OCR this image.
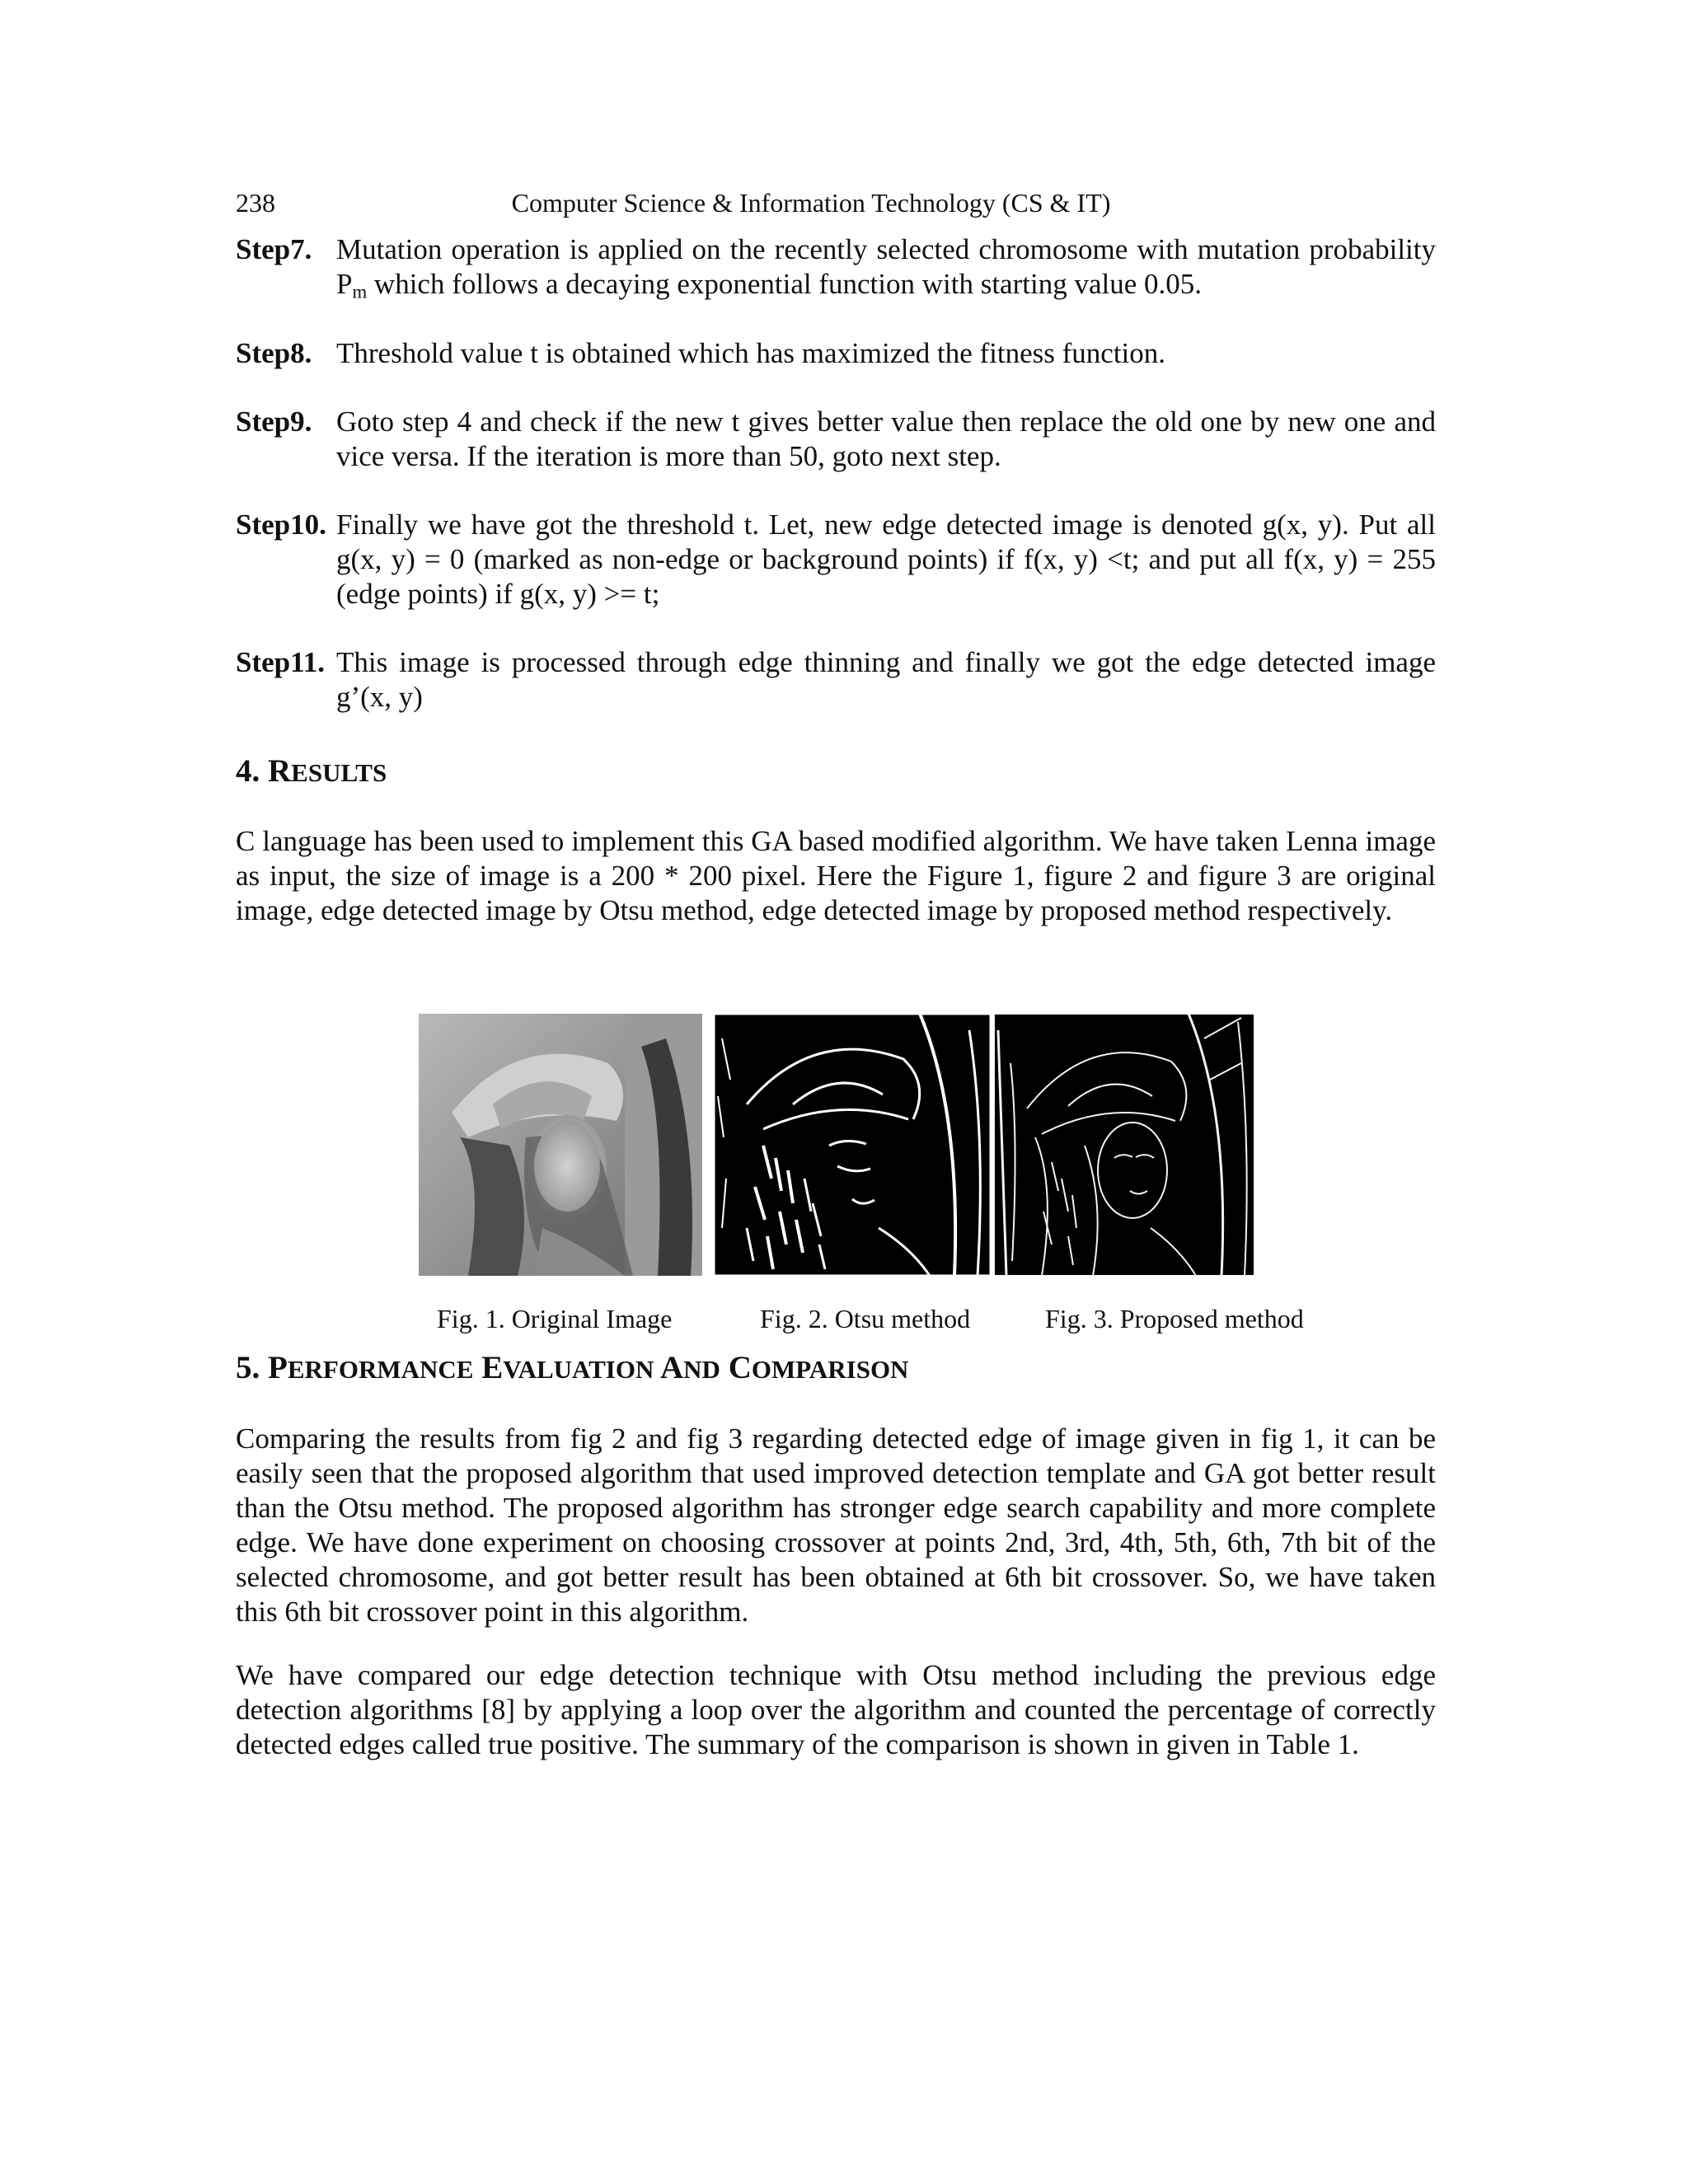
238	Computer Science & Information Technology (CS & IT)
Step7. Mutation operation is applied on the recently selected chromosome with mutation probability $P_m$ which follows a decaying exponential function with starting value 0.05.
Step8. Threshold value t is obtained which has maximized the fitness function.
Step9. Goto step 4 and check if the new t gives better value then replace the old one by new one and vice versa. If the iteration is more than 50, goto next step.
Step10. Finally we have got the threshold t. Let, new edge detected image is denoted g(x, y). Put all g(x, y) = 0 (marked as non-edge or background points) if f(x, y) <t; and put all f(x, y) = 255 (edge points) if g(x, y) >= t;
Step11. This image is processed through edge thinning and finally we got the edge detected image g’(x, y)
4. RESULTS
C language has been used to implement this GA based modified algorithm. We have taken Lenna image as input, the size of image is a 200 * 200 pixel. Here the Figure 1, figure 2 and figure 3 are original image, edge detected image by Otsu method, edge detected image by proposed method respectively.
Fig. 1. Original Image	Fig. 2. Otsu method	Fig. 3. Proposed method
5. PERFORMANCE EVALUATION AND COMPARISON
Comparing the results from fig 2 and fig 3 regarding detected edge of image given in fig 1, it can be easily seen that the proposed algorithm that used improved detection template and GA got better result than the Otsu method. The proposed algorithm has stronger edge search capability and more complete edge. We have done experiment on choosing crossover at points 2nd, 3rd, 4th, 5th, 6th, 7th bit of the selected chromosome, and got better result has been obtained at 6th bit crossover. So, we have taken this 6th bit crossover point in this algorithm.
We have compared our edge detection technique with Otsu method including the previous edge detection algorithms [8] by applying a loop over the algorithm and counted the percentage of correctly detected edges called true positive. The summary of the comparison is shown in given in Table 1.
